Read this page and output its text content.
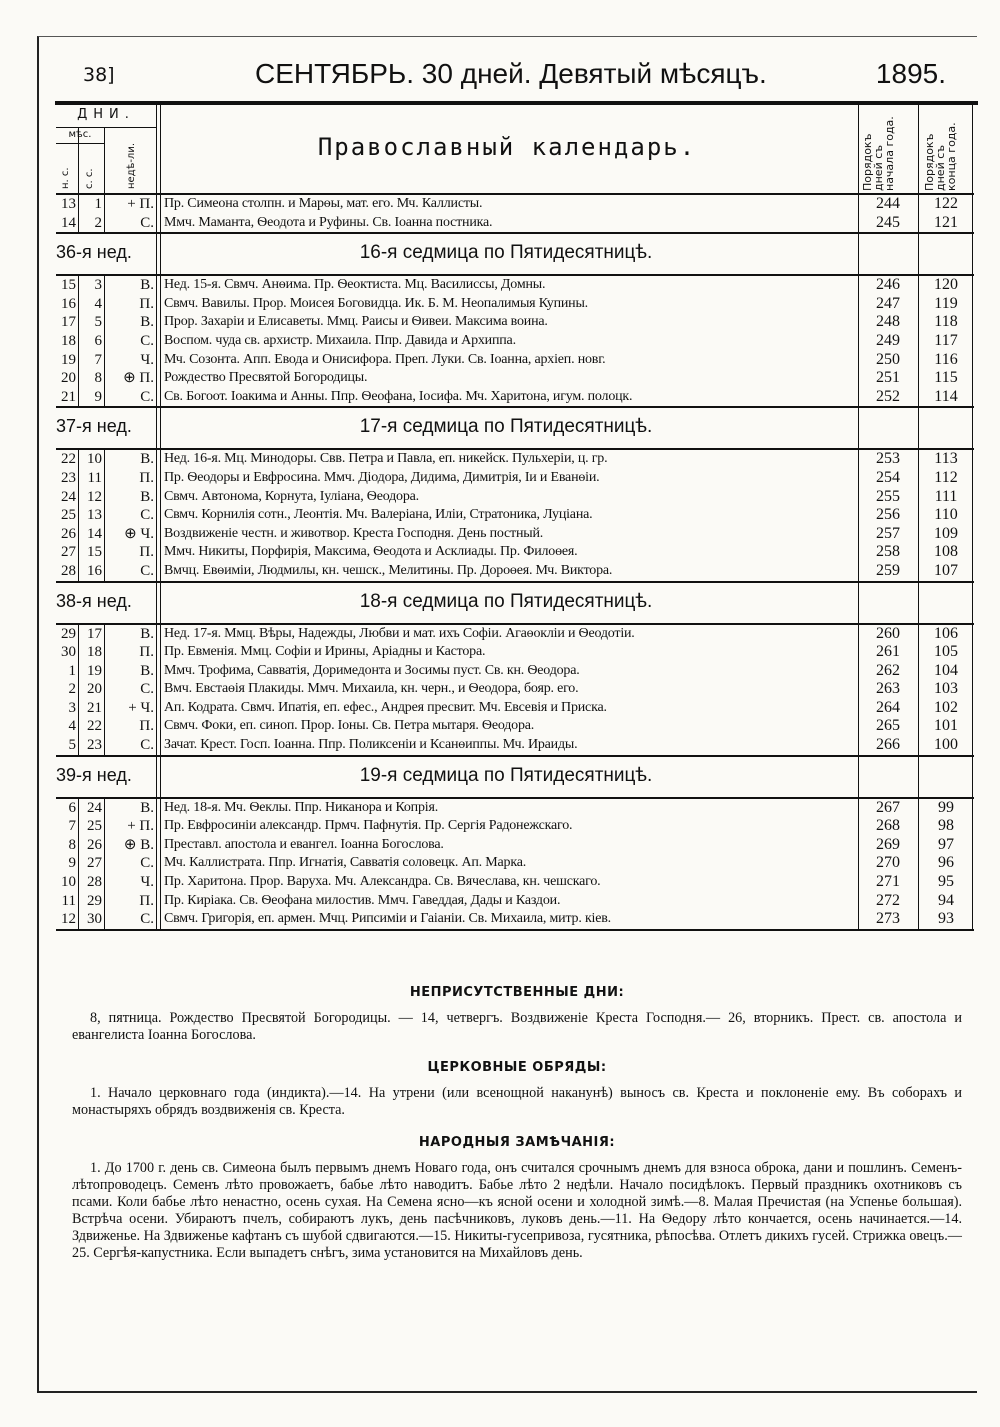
38]	СЕНТЯБРЬ. 30 дней. Девятый мѣсяцъ.	1895.
ДНИ.
мѣс.
н. с. с. с.	недѣ-ли.	Православный календарь.	Порядокъ дней съ начала года.	Порядокъ дней съ конца года.
13	1	+ П. Пр. Симеона столпн. и Марѳы, мат. его. Мч. Каллисты.	244	122
14	2	С. Ммч. Маманта, Ѳеодота и Руфины. Св. Іоанна постника.	245	121
36-я нед.	16-я седмица по Пятидесятницѣ.
15	3	В. Нед. 15-я. Свмч. Анѳима. Пр. Ѳеоктиста. Мц. Василиссы, Домны.	246	120
16	4	П. Свмч. Вавилы. Прор. Моисея Боговидца. Ик. Б. М. Неопалимыя Купины.	247	119
17	5	В. Прор. Захаріи и Елисаветы. Ммц. Раисы и Ѳивеи. Максима воина.	248	118
18	6	С. Воспом. чуда св. архистр. Михаила. Ппр. Давида и Архиппа.	249	117
19	7	Ч. Мч. Созонта. Апп. Евода и Онисифора. Преп. Луки. Св. Іоанна, архіеп. новг.	250	116
20	8	⊕ П. Рождество Пресвятой Богородицы.	251	115
21	9	С. Св. Богоот. Іоакима и Анны. Ппр. Ѳеофана, Іосифа. Мч. Харитона, игум. полоцк.	252	114
37-я нед.	17-я седмица по Пятидесятницѣ.
22 10	В. Нед. 16-я. Мц. Минодоры. Свв. Петра и Павла, еп. никейск. Пульхеріи, ц. гр.	253	113
23 11	П. Пр. Ѳеодоры и Евфросина. Ммч. Діодора, Дидима, Димитрія, Іи и Еванѳіи.	254	112
24 12	В. Свмч. Автонома, Корнута, Іуліана, Ѳеодора.	255	111
25 13	С. Свмч. Корнилія сотн., Леонтія. Мч. Валеріана, Иліи, Стратоника, Луціана.	256	110
26 14	⊕ Ч. Воздвиженіе честн. и животвор. Креста Господня. День постный.	257	109
27 15	П. Ммч. Никиты, Порфирія, Максима, Ѳеодота и Асклиады. Пр. Филоѳея.	258	108
28 16	С. Вмчц. Евѳиміи, Людмилы, кн. чешск., Мелитины. Пр. Дороѳея. Мч. Виктора.	259	107
38-я нед.	18-я седмица по Пятидесятницѣ.
29 17	В. Нед. 17-я. Ммц. Вѣры, Надежды, Любви и мат. ихъ Софіи. Агаѳокліи и Ѳеодотіи.	260	106
30 18	П. Пр. Евменія. Ммц. Софіи и Ирины, Аріадны и Кастора.	261	105
1 19	В. Ммч. Трофима, Савватія, Доримедонта и Зосимы пуст. Св. кн. Ѳеодора.	262	104
2 20	С. Вмч. Евстаѳія Плакиды. Ммч. Михаила, кн. черн., и Ѳеодора, бояр. его.	263	103
3 21	+ Ч. Ап. Кодрата. Свмч. Ипатія, еп. ефес., Андрея пресвит. Мч. Евсевія и Приска.	264	102
4 22	П. Свмч. Фоки, еп. синоп. Прор. Іоны. Св. Петра мытаря. Ѳеодора.	265	101
5 23	С. Зачат. Крест. Госп. Іоанна. Ппр. Поликсеніи и Ксанѳиппы. Мч. Ираиды.	266	100
39-я нед.	19-я седмица по Пятидесятницѣ.
6 24	В. Нед. 18-я. Мч. Ѳеклы. Ппр. Никанора и Копрія.	267	99
7 25	+ П. Пр. Евфросиніи александр. Прмч. Пафнутія. Пр. Сергія Радонежскаго.	268	98
8 26	⊕ В. Преставл. апостола и евангел. Іоанна Богослова.	269	97
9 27	С. Мч. Каллистрата. Ппр. Игнатія, Савватія соловецк. Ап. Марка.	270	96
10 28	Ч. Пр. Харитона. Прор. Варуха. Мч. Александра. Св. Вячеслава, кн. чешскаго.	271	95
11 29	П. Пр. Киріака. Св. Ѳеофана милостив. Ммч. Гаведдая, Дады и Каздои.	272	94
12 30	С. Свмч. Григорія, еп. армен. Мчц. Рипсиміи и Гаіаніи. Св. Михаила, митр. кіев.	273	93
НЕПРИСУТСТВЕННЫЕ ДНИ:
8, пятница. Рождество Пресвятой Богородицы. — 14, четвергъ. Воздвиженіе Креста Господня.— 26, вторникъ. Прест. св. апостола и евангелиста Іоанна Богослова.
ЦЕРКОВНЫЕ ОБРЯДЫ:
1. Начало церковнаго года (индикта).—14. На утрени (или всенощной наканунѣ) выносъ св. Креста и поклоненіе ему. Въ соборахъ и монастыряхъ обрядъ воздвиженія св. Креста.
НАРОДНЫЯ ЗАМѢЧАНІЯ:
1. До 1700 г. день св. Симеона былъ первымъ днемъ Новаго года, онъ считался срочнымъ днемъ для взноса оброка, дани и пошлинъ. Семенъ-лѣтопроводецъ. Семенъ лѣто провожаетъ, бабье лѣто наводитъ. Бабье лѣто 2 недѣли. Начало посидѣлокъ. Первый праздникъ охотниковъ съ псами. Коли бабье лѣто ненастно, осень сухая. На Семена ясно—къ ясной осени и холодной зимѣ.—8. Малая Пречистая (на Успенье большая). Встрѣча осени. Убираютъ пчелъ, собираютъ лукъ, день пасѣчниковъ, луковъ день.—11. На Ѳедору лѣто кончается, осень начинается.—14. Здвиженье. На Здвиженье кафтанъ съ шубой сдвигаются.—15. Никиты-гусепривоза, гусятника, рѣпосѣва. Отлетъ дикихъ гусей. Стрижка овецъ.—25. Сергѣя-капустника. Если выпадетъ снѣгъ, зима установится на Михайловъ день.
